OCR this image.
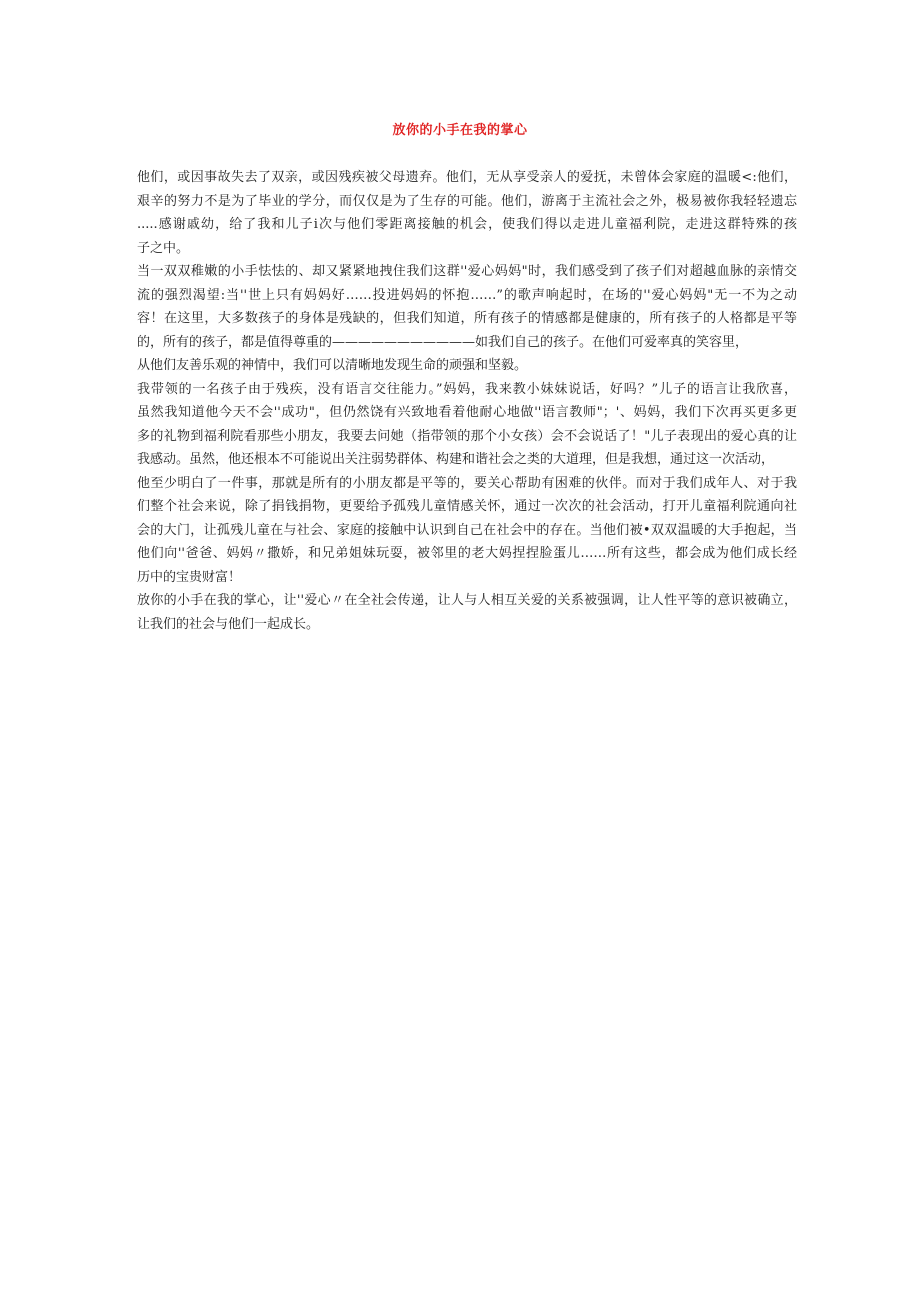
放你的小手在我的掌心
他们，或因事故失去了双亲，或因残疾被父母遗弃。他们，无从享受亲人的爱抚，未曾体会家庭的温暖<:他们，
艰辛的努力不是为了毕业的学分，而仅仅是为了生存的可能。他们，游离于主流社会之外，极易被你我轻轻遗忘
.....感谢戚幼，给了我和儿子i次与他们零距离接触的机会，使我们得以走进儿童福利院，走进这群特殊的孩
子之中。
当一双双稚嫩的小手怯怯的、却又紧紧地拽住我们这群''爱心妈妈"时，我们感受到了孩子们对超越血脉的亲情交
流的强烈渴望:当''世上只有妈妈好……投进妈妈的怀抱……”的歌声响起时，在场的''爱心妈妈"无一不为之动
容！在这里，大多数孩子的身体是残缺的，但我们知道，所有孩子的情感都是健康的，所有孩子的人格都是平等
的，所有的孩子，都是值得尊重的———————————如我们自己的孩子。在他们可爱率真的笑容里，
从他们友善乐观的神情中，我们可以清晰地发现生命的顽强和坚毅。
我带领的一名孩子由于残疾，没有语言交往能力。”妈妈，我来教小妹妹说话，好吗？”儿子的语言让我欣喜，
虽然我知道他今天不会''成功"，但仍然饶有兴致地看着他耐心地做''语言教师"；'、妈妈，我们下次再买更多更
多的礼物到福利院看那些小朋友，我要去问她（指带领的那个小女孩）会不会说话了！"儿子表现出的爱心真的让
我感动。虽然，他还根本不可能说出关注弱势群体、构建和谐社会之类的大道理，但是我想，通过这一次活动，
他至少明白了一件事，那就是所有的小朋友都是平等的，要关心帮助有困难的伙伴。而对于我们成年人、对于我
们整个社会来说，除了捐钱捐物，更要给予孤残儿童情感关怀，通过一次次的社会活动，打开儿童福利院通向社
会的大门，让孤残儿童在与社会、家庭的接触中认识到自己在社会中的存在。当他们被•双双温暖的大手抱起，当
他们向''爸爸、妈妈〃撒娇，和兄弟姐妹玩耍，被邻里的老大妈捏捏脸蛋儿……所有这些，都会成为他们成长经
历中的宝贵财富！
放你的小手在我的掌心，让''爱心〃在全社会传递，让人与人相互关爱的关系被强调，让人性平等的意识被确立，
让我们的社会与他们一起成长。
